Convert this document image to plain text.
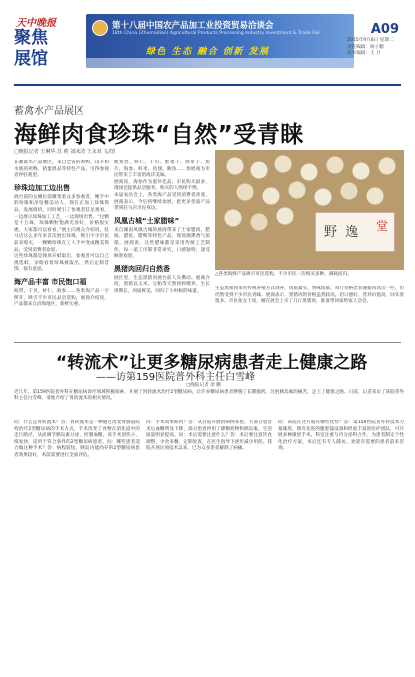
天中晚报
聚焦展馆
第十八届中国农产品加工业投资贸易洽谈会
18th China (Zhumadian) Agricultural Products Processing Industry Investment & Trade Fair
绿色 生态 融合 创新 发展
A09
2015年9月8日 星期二
责任编辑：杨子鹏
美术编辑：王 月
蓄禽水产品展区
海鲜肉食珍珠“自然”受青睐
□晚报记者 王琳华 苏 莉 刘冰清 王永双 文/图

在蓄禽水产品展区，来自全省的鸡鸭、山羊和水族的鸡鸭、猪蛋展品等特色产品，引得参观者停驻观望。

珍珠边加工边出售

展台前的女摊位前聚集着众多参观者，她手中的珍珠和吊坠精美动人，现在正加工珍珠饰品，发展商机，同时吸引了参观者驻足观看，一边展示珍珠加工工艺，一边现场出售。“这颗是十万珠，珍珠颗粒饱满光泽好，价格很实惠，大家都可以看看。”展主向观众介绍说，驻马店这么多年来首次展出珍珠，吸引不少市民前来购买，一颗颗珍珠在工人手中变成精美饰品，受到消费者欢迎。

这些珍珠都是现场开蚌取出，参观者可以自己挑选蚌，亲眼看着珍珠被取出，然后定制首饰，很有意思。

海产品丰富 市民饱口福

海带、干贝、虾仁、海参……各类海产品一字摆开，吸引不少市民品尝选购，展商介绍说，产品都来自沿海地区，新鲜实惠。

鱿鱼丝、虾仁、干贝、紫菜干、海带干、鱼片、海参、虾米、鱼翅、鲍鱼……参展商为市民带来了丰富的海洋美味。

展商说，海参作为滋补佳品，市民购买最多，现场还提供品尝服务，购买的人络绎不绝。

本届农洽会上，各类海产品受到消费者喜爱，展商表示，今后将继续参展，把更多优质产品带到驻马店市民身边。

凤凰古城“土家腊味”

来自湖南凤凰古城的展商带来了土家腊肉、腊肠、腊鱼、腊鸭等特色产品，现场烟熏香气浓郁。展商说，这些腊味都是采用传统工艺制作，每一道工序都非常讲究，口感独特，深受顾客欢迎。

黑猪肉回归自然香

展区里，生态黑猪肉展台前人头攒动。展商介绍，黑猪以玉米、豆粕等天然饲料喂养，生长周期长，肉质鲜美，回归了小时候的味道。

野 逸 堂
△各类海鲜产品吸引市民选购，不少市民一次购买多种，满载而归。
生态黑猪肉采用传统养殖方式饲养，肉质紧实，香味浓郁，每斤价格比普通猪肉高出一些，但仍然受到不少市民青睐。展商表示，黑猪肉的价格虽然较高，但口感好、营养价值高，回头客很多。市民张女士说，她在展会上买了几斤黑猪肉，准备带回家给家人尝尝。
“转流术”让更多糖尿病患者走上健康之路
——访第159医院普外科主任白雪峰
□晚报记者 余 鹏
近几年，第159医院普外科在糖尿病诊疗领域积极探索，开展了胃转流术治疗2型糖尿病，让许多糖尿病患者摆脱了长期服药、注射胰岛素的痛苦，走上了健康之路。日前，记者采访了该院普外科主任白雪峰，请他介绍了胃转流术的相关情况。
问：什么是胃转流术？答：胃转流术是一种通过改变胃肠道结构治疗2型糖尿病的手术方式，手术改变了食物在消化道中的走行路径，从而调节胰岛素分泌，控制血糖。该手术创伤小、恢复快，适用于符合条件的2型糖尿病患者。问：哪些患者适合做这种手术？答：病程较短、胰岛功能尚存的2型糖尿病患者效果较好，术前需要进行全面评估。
问：手术效果如何？答：从目前开展的病例来看，大部分患者术后血糖明显下降，部分患者停用了降糖药物和胰岛素，生活质量明显提高。问：术后需要注意什么？答：术后要注意饮食调整，少食多餐，定期复查，在医生指导下逐步减少用药。我院开展这项技术以来，已为众多患者解除了病痛。
问：该院在这方面有哪些优势？答：第159医院普外科技术力量雄厚，拥有先进的腹腔镜设备和经验丰富的医护团队，可开展多种微创手术。科室注重与内分泌科合作，为患者制定个性化治疗方案，术后还有专人随访。欢迎有需要的患者前来咨询。
